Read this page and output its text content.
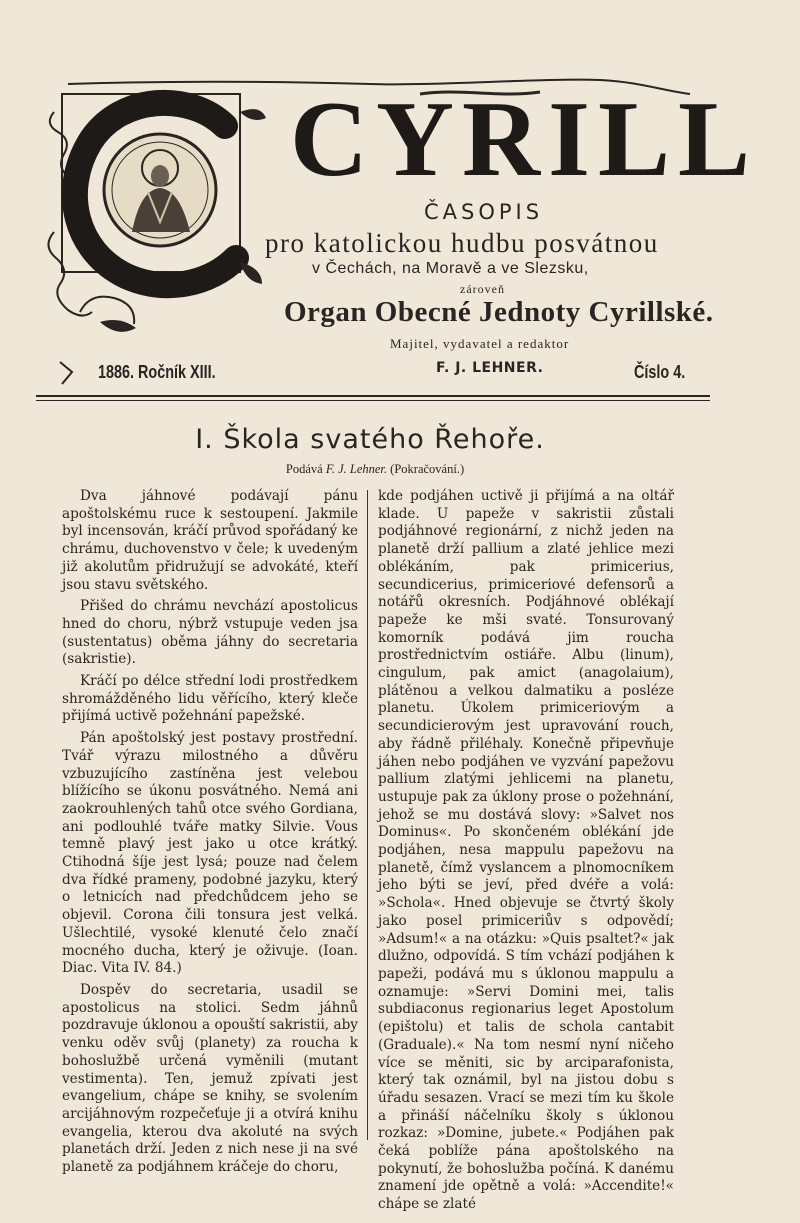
CYRILL
ČASOPIS
pro katolickou hudbu posvátnou
v Čechách, na Moravě a ve Slezsku,
zároveň
Organ Obecné Jednoty Cyrillské.
Majitel, vydavatel a redaktor
1886. Ročník XIII.	F. J. LEHNER.	Číslo 4.
I. Škola svatého Řehoře.
Podává F. J. Lehner. (Pokračování.)

Dva jáhnové podávají pánu apoštolskému ruce k sestoupení. Jakmile byl incensován, kráčí průvod spořádaný ke chrámu, duchovenstvo v čele; k uvedeným již akolutům přidružují se advokáté, kteří jsou stavu světského.

Přišed do chrámu nevchází apostolicus hned do choru, nýbrž vstupuje veden jsa (sustentatus) oběma jáhny do secretaria (sakristie).

Kráčí po délce střední lodi prostředkem shromážděného lidu věřícího, který klečе přijímá uctivě požehnání papežské.

Pán apoštolský jest postavy prostřední. Tvář výrazu milostného a důvěru vzbuzujícího zastíněna jest velebou blížícího se úkonu posvátného. Nemá ani zaokrouhlených tahů otce svého Gordiana, ani podlouhlé tváře matky Silvie. Vous temně plavý jest jako u otce krátký. Ctihodná šíje jest lysá; pouze nad čelem dva řídké prameny, podobné jazyku, který o letnicích nad předchůdcem jeho se objevil. Corona čili tonsura jest velká. Ušlechtilé, vysoké klenuté čelo značí mocného ducha, který je oživuje. (Ioan. Diac. Vita IV. 84.)

Dospěv do secretaria, usadil se apostolicus na stolici. Sedm jáhnů pozdravuje úklonou a opouští sakristii, aby venku oděv svůj (planety) za roucha k bohoslužbě určená vyměnili (mutant vestimenta). Ten, jemuž zpívati jest evangelium, chápe se knihy, se svolením arcijáhnovým rozpečeťuje ji a otvírá knihu evangelia, kterou dva akoluté na svých planetách drží. Jeden z nich nese ji na své planetě za podjáhnem kráčeje do choru,

kde podjáhen uctivě ji přijímá a na oltář klade. U papeže v sakristii zůstali podjáhnové regionární, z nichž jeden na planetě drží pallium a zlaté jehlice mezi oblékáním, pak primicerius, secundicerius, primiceriové defensorů a notářů okresních. Podjáhnové oblékají papeže ke mši svaté. Tonsurovaný komorník podává jim roucha prostřednictvím ostiáře. Albu (linum), cingulum, pak amict (anagolaium), plátěnou a velkou dalmatiku a posléze planetu. Úkolem primiceriovým a secundicierovým jest upravování rouch, aby řádně přiléhaly. Konečně připevňuje jáhen nebo podjáhen ve vyzvání papežovu pallium zlatými jehlicemi na planetu, ustupuje pak za úklony prose o požehnání, jehož se mu dostává slovy: »Salvet nos Dominus«. Po skončeném oblékání jde podjáhen, nesa mappulu papežovu na planetě, čímž vyslancem a plnomocníkem jeho býti se jeví, před dvéře a volá: »Schola«. Hned objevuje se čtvrtý školy jako posel primiceriův s odpovědí; »Adsum!« a na otázku: »Quis psaltet?« jak dlužno, odpovídá. S tím vchází podjáhen k papeži, podává mu s úklonou mappulu a oznamuje: »Servi Domini mei, talis subdiaconus regionarius leget Apostolum (epištolu) et talis de schola cantabit (Graduale).« Na tom nesmí nyní ničeho více se měniti, sic by arciparafonista, který tak oznámil, byl na jistou dobu s úřadu sesazen. Vrací se mezi tím ku škole a přináší náčelníku školy s úklonou rozkaz: »Domine, jubete.« Podjáhen pak čeká poblíže pána apoštolského na pokynutí, že bohoslužba počíná. K danému znamení jde opětně a volá: »Accendite!« chápe se zlaté
